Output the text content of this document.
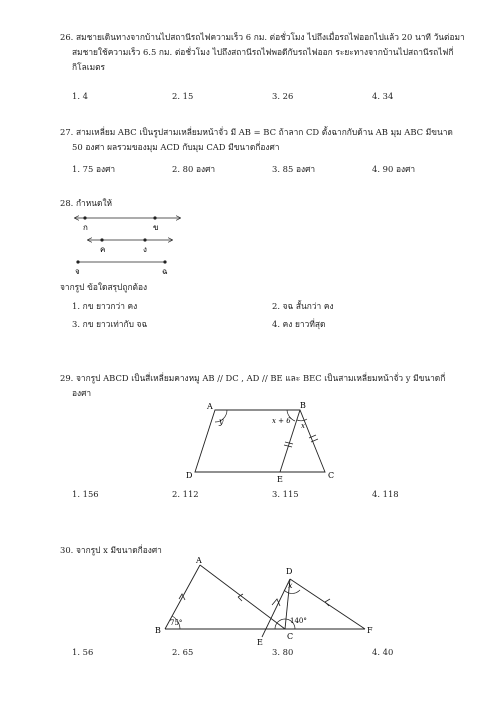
26. สมชายเดินทางจากบ้านไปสถานีรถไฟความเร็ว 6 กม. ต่อชั่วโมง ไปถึงเมื่อรถไฟออกไปแล้ว 20 นาที วันต่อมา
สมชายใช้ความเร็ว 6.5 กม. ต่อชั่วโมง ไปถึงสถานีรถไฟพอดีกับรถไฟออก ระยะทางจากบ้านไปสถานีรถไฟกี่
กิโลเมตร
1. 4	2. 15	3. 26	4. 34
27. สามเหลี่ยม ABC เป็นรูปสามเหลี่ยมหน้าจั่ว มี AB = BC ถ้าลาก CD ตั้งฉากกับด้าน AB มุม ABC มีขนาด
50 องศา ผลรวมของมุม ACD กับมุม CAD มีขนาดกี่องศา
1. 75 องศา	2. 80 องศา	3. 85 องศา	4. 90 องศา
28. กำหนดให้
ก	ข
ค	ง
จ	ฉ
จากรูป ข้อใดสรุปถูกต้อง
1. กข ยาวกว่า คง	2. จฉ สั้นกว่า คง
3. กข ยาวเท่ากับ จฉ	4. คง ยาวที่สุด
29. จากรูป ABCD เป็นสี่เหลี่ยมคางหมู AB // DC , AD // BE และ BEC เป็นสามเหลี่ยมหน้าจั่ว y มีขนาดกี่
องศา
A	B
C
D	E
y	x + 6
x
1. 156	2. 112	3. 115	4. 118
30. จากรูป x มีขนาดกี่องศา
A
B
C
D
E
F
75°	140°
x
1. 56	2. 65	3. 80	4. 40
